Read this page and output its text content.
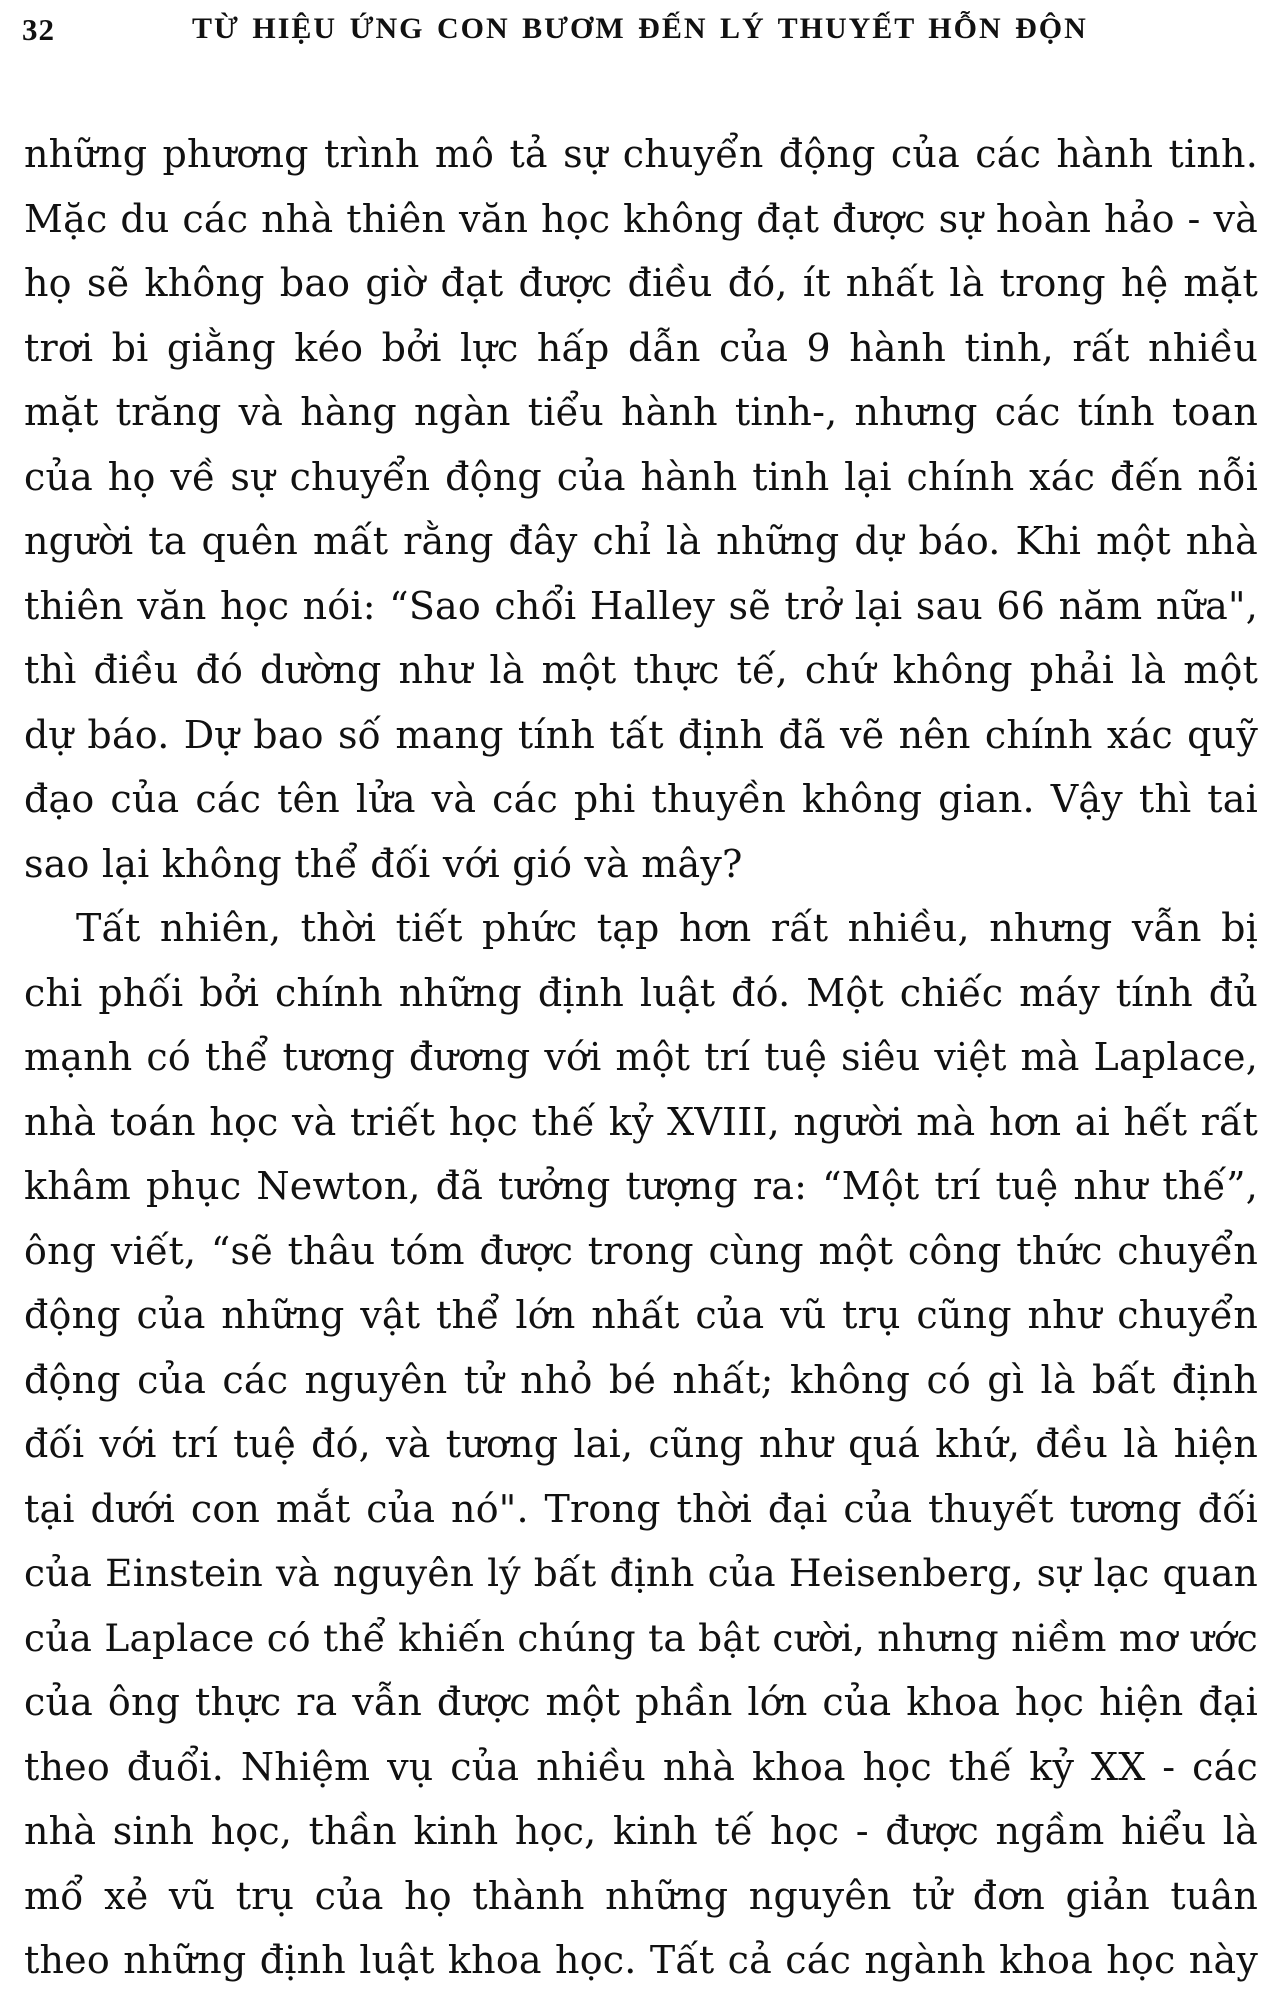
32	TỪ HIỆU ỨNG CON BƯƠM ĐẾN LÝ THUYẾT HỖN ĐỘN
những phương trình mô tả sự chuyển động của các hành tinh.
Mặc du các nhà thiên văn học không đạt được sự hoàn hảo - và
họ sẽ không bao giờ đạt được điều đó, ít nhất là trong hệ mặt
trơi bi giằng kéo bởi lực hấp dẫn của 9 hành tinh, rất nhiều
mặt trăng và hàng ngàn tiểu hành tinh-, nhưng các tính toan
của họ về sự chuyển động của hành tinh lại chính xác đến nỗi
người ta quên mất rằng đây chỉ là những dự báo. Khi một nhà
thiên văn học nói: “Sao chổi Halley sẽ trở lại sau 66 năm nữa",
thì điều đó dường như là một thực tế, chứ không phải là một
dự báo. Dự bao số mang tính tất định đã vẽ nên chính xác quỹ
đạo của các tên lửa và các phi thuyền không gian. Vậy thì tai
sao lại không thể đối với gió và mây?
Tất nhiên, thời tiết phức tạp hơn rất nhiều, nhưng vẫn bị
chi phối bởi chính những định luật đó. Một chiếc máy tính đủ
mạnh có thể tương đương với một trí tuệ siêu việt mà Laplace,
nhà toán học và triết học thế kỷ XVIII, người mà hơn ai hết rất
khâm phục Newton, đã tưởng tượng ra: “Một trí tuệ như thế”,
ông viết, “sẽ thâu tóm được trong cùng một công thức chuyển
động của những vật thể lớn nhất của vũ trụ cũng như chuyển
động của các nguyên tử nhỏ bé nhất; không có gì là bất định
đối với trí tuệ đó, và tương lai, cũng như quá khứ, đều là hiện
tại dưới con mắt của nó". Trong thời đại của thuyết tương đối
của Einstein và nguyên lý bất định của Heisenberg, sự lạc quan
của Laplace có thể khiến chúng ta bật cười, nhưng niềm mơ ước
của ông thực ra vẫn được một phần lớn của khoa học hiện đại
theo đuổi. Nhiệm vụ của nhiều nhà khoa học thế kỷ XX - các
nhà sinh học, thần kinh học, kinh tế học - được ngầm hiểu là
mổ xẻ vũ trụ của họ thành những nguyên tử đơn giản tuân
theo những định luật khoa học. Tất cả các ngành khoa học này
